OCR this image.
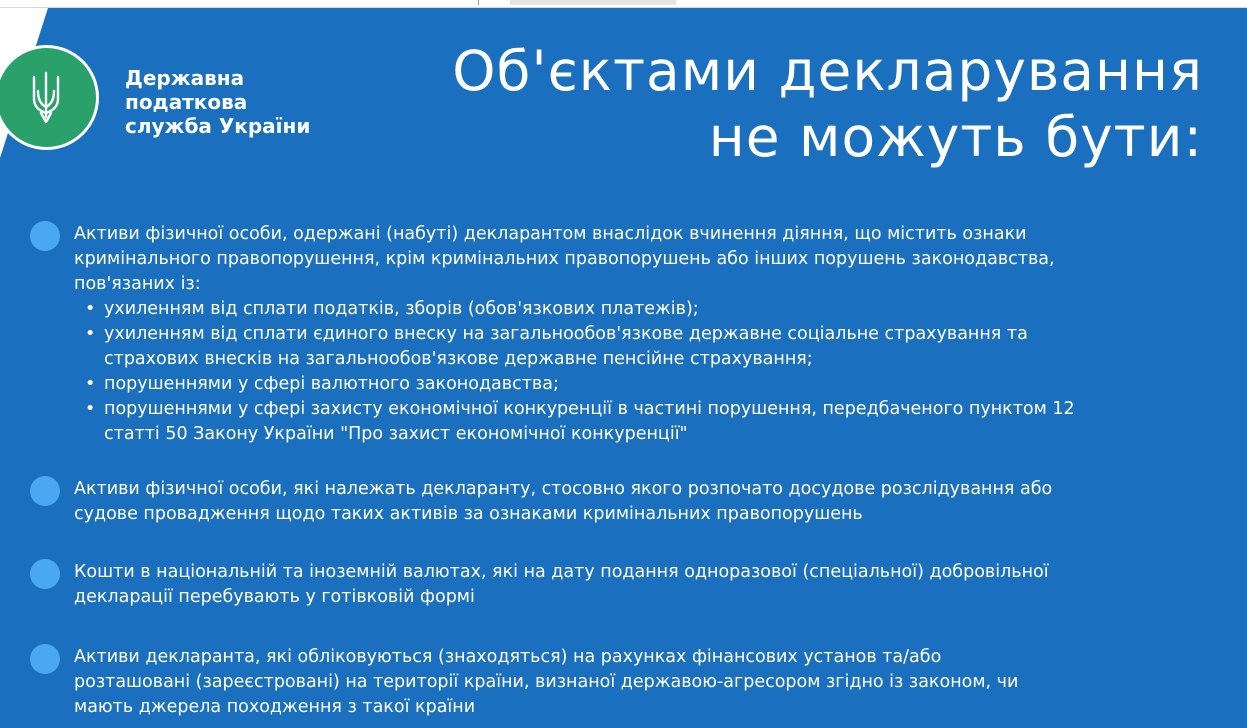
Державна
податкова
служба України
Об'єктами декларування
не можуть бути:
Активи фізичної особи, одержані (набуті) декларантом внаслідок вчинення діяння, що містить ознаки
кримінального правопорушення, крім кримінальних правопорушень або інших порушень законодавства,
пов'язаних із:
• ухиленням від сплати податків, зборів (обов'язкових платежів);
• ухиленням від сплати єдиного внеску на загальнообов'язкове державне соціальне страхування та
страхових внесків на загальнообов'язкове державне пенсійне страхування;
• порушеннями у сфері валютного законодавства;
• порушеннями у сфері захисту економічної конкуренції в частині порушення, передбаченого пунктом 12
статті 50 Закону України "Про захист економічної конкуренції"
Активи фізичної особи, які належать декларанту, стосовно якого розпочато досудове розслідування або
судове провадження щодо таких активів за ознаками кримінальних правопорушень
Кошти в національній та іноземній валютах, які на дату подання одноразової (спеціальної) добровільної
декларації перебувають у готівковій формі
Активи декларанта, які обліковуються (знаходяться) на рахунках фінансових установ та/або
розташовані (зареєстровані) на території країни, визнаної державою-агресором згідно із законом, чи
мають джерела походження з такої країни
